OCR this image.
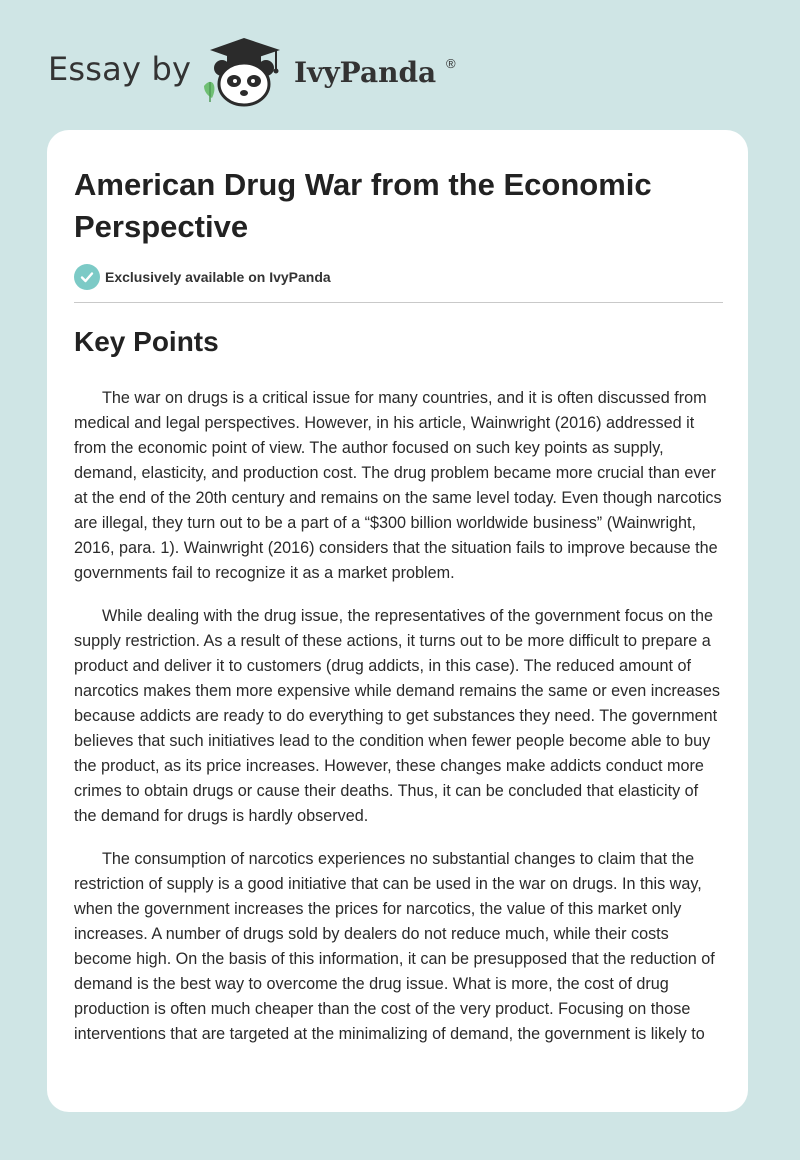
Essay by	IvyPanda ®
American Drug War from the Economic Perspective
Exclusively available on IvyPanda
Key Points

The war on drugs is a critical issue for many countries, and it is often discussed from medical and legal perspectives. However, in his article, Wainwright (2016) addressed it from the economic point of view. The author focused on such key points as supply, demand, elasticity, and production cost. The drug problem became more crucial than ever at the end of the 20th century and remains on the same level today. Even though narcotics are illegal, they turn out to be a part of a “$300 billion worldwide business” (Wainwright, 2016, para. 1). Wainwright (2016) considers that the situation fails to improve because the governments fail to recognize it as a market problem.

While dealing with the drug issue, the representatives of the government focus on the supply restriction. As a result of these actions, it turns out to be more difficult to prepare a product and deliver it to customers (drug addicts, in this case). The reduced amount of narcotics makes them more expensive while demand remains the same or even increases because addicts are ready to do everything to get substances they need. The government believes that such initiatives lead to the condition when fewer people become able to buy the product, as its price increases. However, these changes make addicts conduct more crimes to obtain drugs or cause their deaths. Thus, it can be concluded that elasticity of the demand for drugs is hardly observed.

The consumption of narcotics experiences no substantial changes to claim that the restriction of supply is a good initiative that can be used in the war on drugs. In this way, when the government increases the prices for narcotics, the value of this market only increases. A number of drugs sold by dealers do not reduce much, while their costs become high. On the basis of this information, it can be presupposed that the reduction of demand is the best way to overcome the drug issue. What is more, the cost of drug production is often much cheaper than the cost of the very product. Focusing on those interventions that are targeted at the minimalizing of demand, the government is likely to
